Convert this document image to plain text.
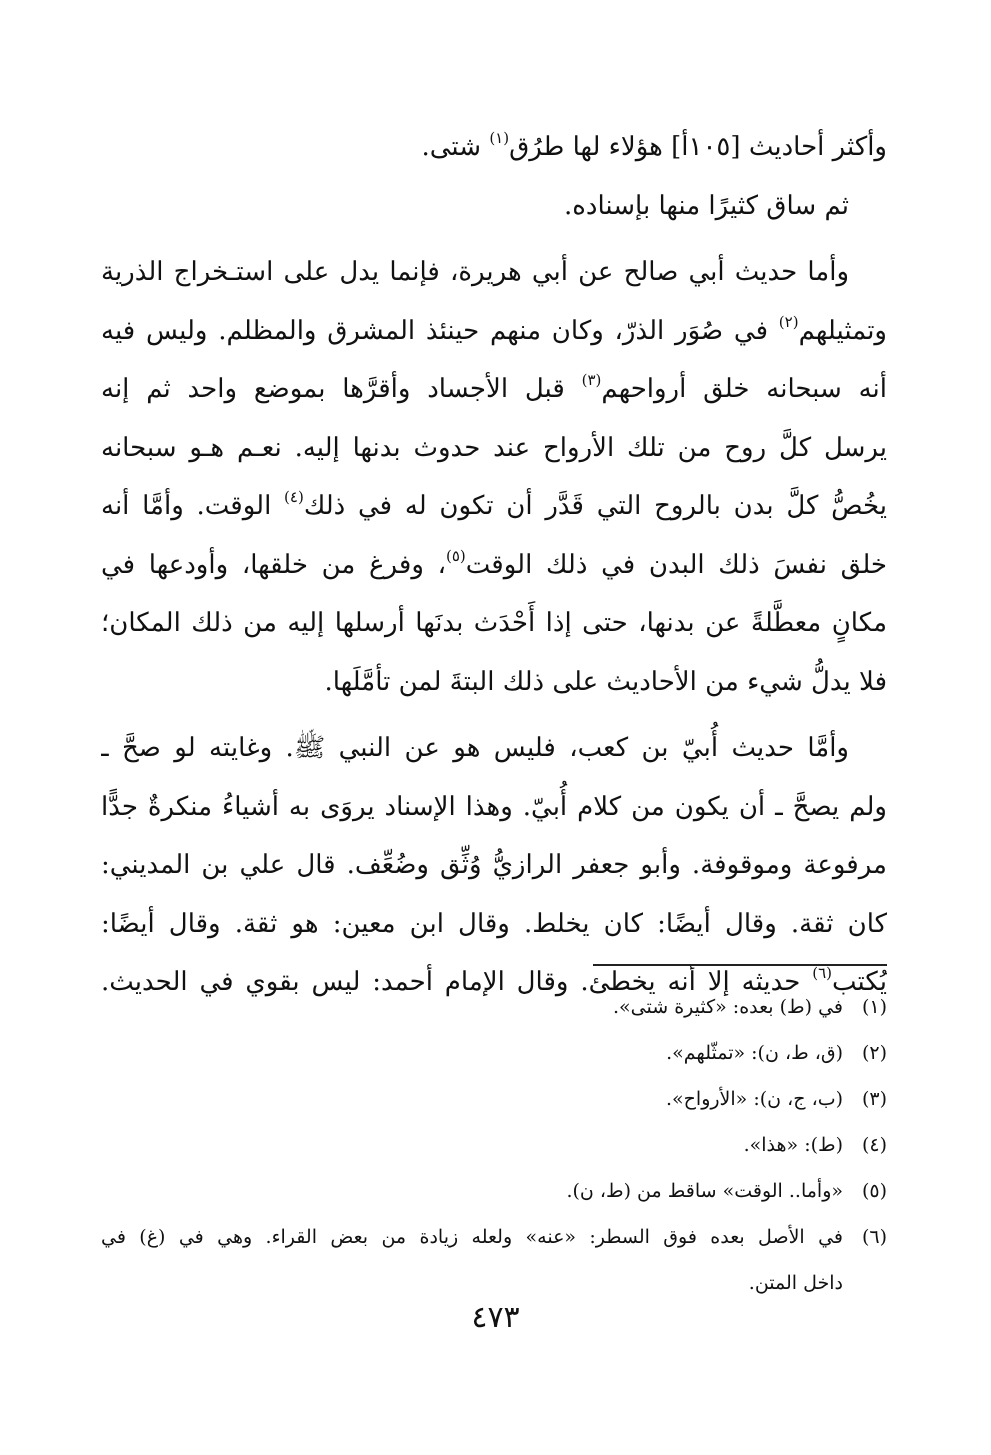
وأكثر أحاديث [١٠٥أ] هؤلاء لها طرُق$^{(١)}$ شتى.
ثم ساق كثيرًا منها بإسناده.
وأما حديث أبي صالح عن أبي هريرة، فإنما يدل على استـخراج الذرية
وتمثيلهم$^{(٢)}$ في صُوَر الذرّ، وكان منهم حينئذ المشرق والمظلم. وليس فيه
أنه سبحانه خلق أرواحهم$^{(٣)}$ قبل الأجساد وأقرَّها بموضع واحد ثم إنه
يرسل كلَّ روح من تلك الأرواح عند حدوث بدنها إليه. نعـم هـو سبحانه
يخُصُّ كلَّ بدن بالروح التي قَدَّر أن تكون له في ذلك$^{(٤)}$ الوقت. وأمَّا أنه
خلق نفسَ ذلك البدن في ذلك الوقت$^{(٥)}$، وفرغ من خلقها، وأودعها في
مكانٍ معطَّلةً عن بدنها، حتى إذا أَحْدَث بدنَها أرسلها إليه من ذلك المكان؛
فلا يدلُّ شيء من الأحاديث على ذلك البتةَ لمن تأمَّلَها.
وأمَّا حديث أُبيّ بن كعب، فليس هو عن النبي ﷺ. وغايته لو صحَّ ـ
ولم يصحَّ ـ أن يكون من كلام أُبيّ. وهذا الإسناد يروَى به أشياءُ منكرةٌ جدًّا
مرفوعة وموقوفة. وأبو جعفر الرازيُّ وُثِّق وضُعِّف. قال علي بن المديني:
كان ثقة. وقال أيضًا: كان يخلط. وقال ابن معين: هو ثقة. وقال أيضًا:
يُكتب$^{(٦)}$ حديثه إلا أنه يخطئ. وقال الإمام أحمد: ليس بقوي في الحديث.
(١)
في (ط) بعده: «كثيرة شتى».
(٢)
(ق، ط، ن): «تمثّلهم».
(٣)
(ب، ج، ن): «الأرواح».
(٤)
(ط): «هذا».
(٥)
«وأما.. الوقت» ساقط من (ط، ن).
(٦)
في الأصل بعده فوق السطر: «عنه» ولعله زيادة من بعض القراء. وهي في (غ) في
داخل المتن.
٤٧٣
